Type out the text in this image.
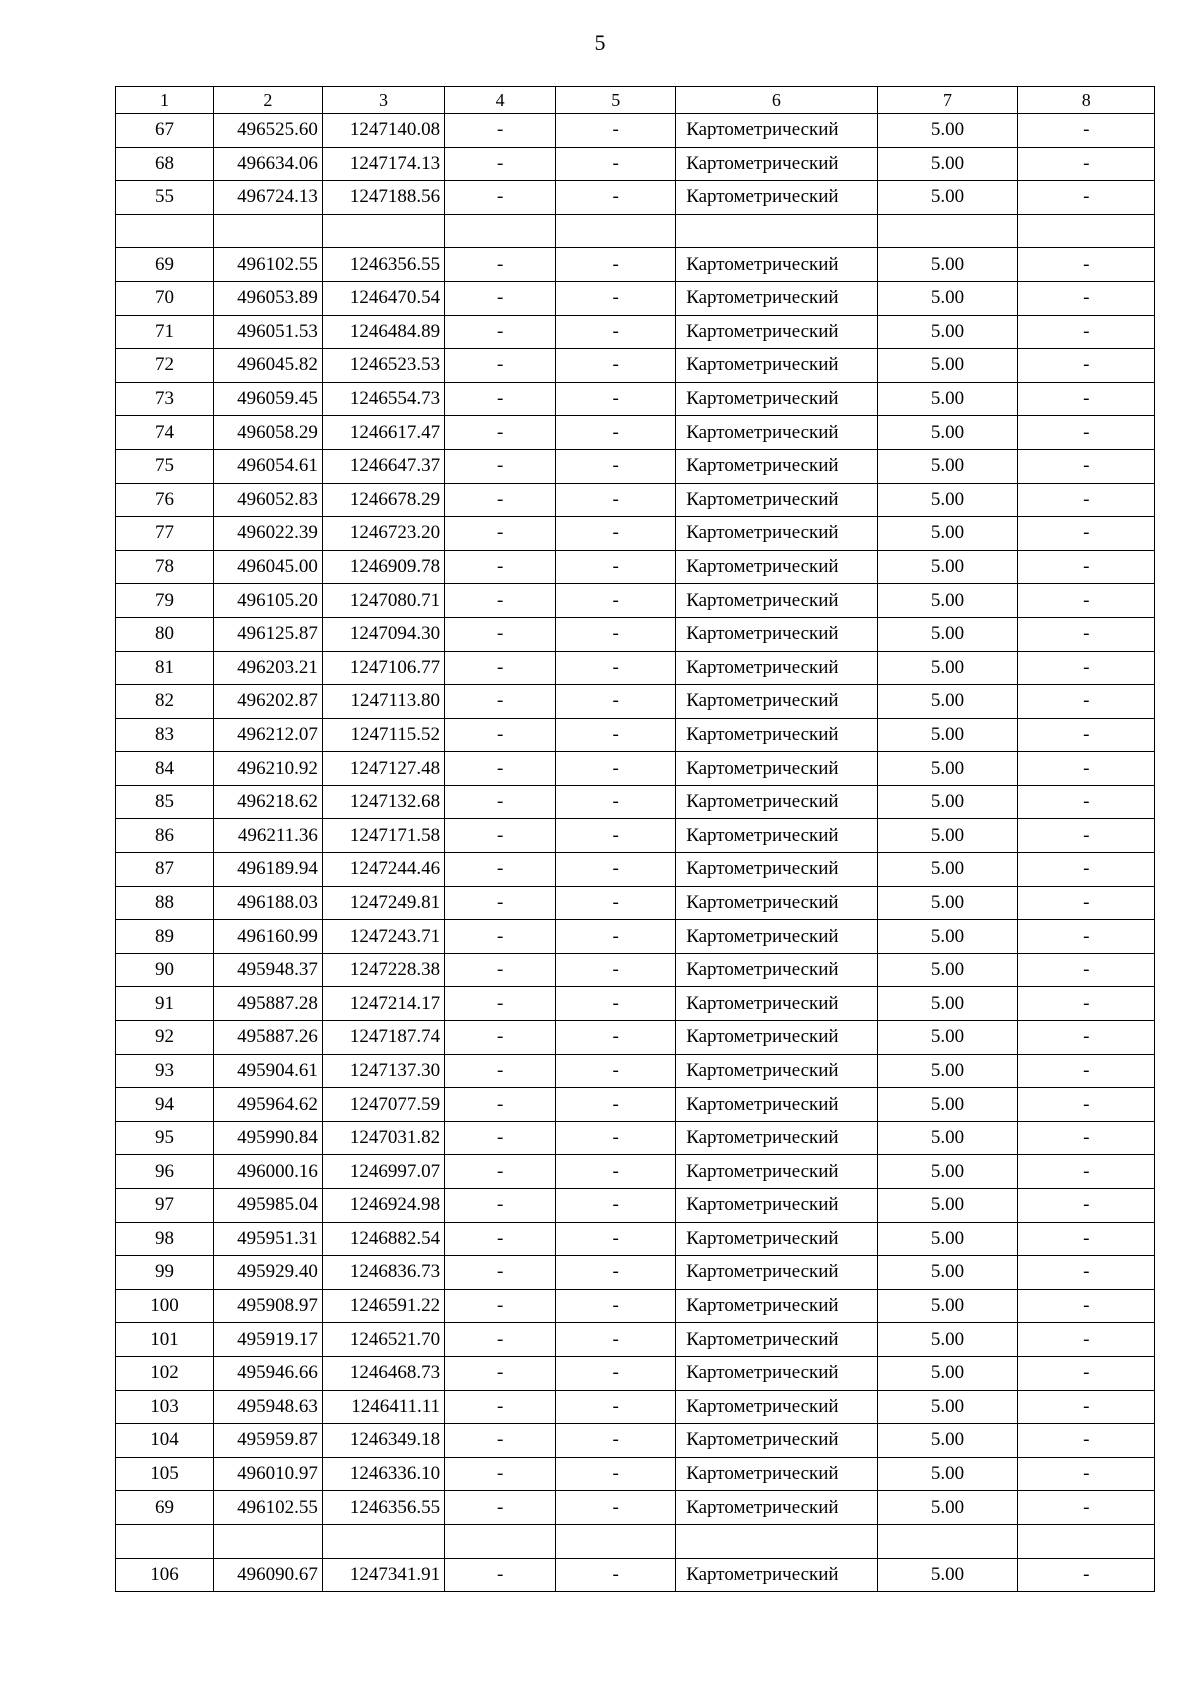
5
1	2	3	4	5	6	7	8
67	496525.60	1247140.08	-	-	Картометрический	5.00	-
68	496634.06	1247174.13	-	-	Картометрический	5.00	-
55	496724.13	1247188.56	-	-	Картометрический	5.00	-

69	496102.55	1246356.55	-	-	Картометрический	5.00	-
70	496053.89	1246470.54	-	-	Картометрический	5.00	-
71	496051.53	1246484.89	-	-	Картометрический	5.00	-
72	496045.82	1246523.53	-	-	Картометрический	5.00	-
73	496059.45	1246554.73	-	-	Картометрический	5.00	-
74	496058.29	1246617.47	-	-	Картометрический	5.00	-
75	496054.61	1246647.37	-	-	Картометрический	5.00	-
76	496052.83	1246678.29	-	-	Картометрический	5.00	-
77	496022.39	1246723.20	-	-	Картометрический	5.00	-
78	496045.00	1246909.78	-	-	Картометрический	5.00	-
79	496105.20	1247080.71	-	-	Картометрический	5.00	-
80	496125.87	1247094.30	-	-	Картометрический	5.00	-
81	496203.21	1247106.77	-	-	Картометрический	5.00	-
82	496202.87	1247113.80	-	-	Картометрический	5.00	-
83	496212.07	1247115.52	-	-	Картометрический	5.00	-
84	496210.92	1247127.48	-	-	Картометрический	5.00	-
85	496218.62	1247132.68	-	-	Картометрический	5.00	-
86	496211.36	1247171.58	-	-	Картометрический	5.00	-
87	496189.94	1247244.46	-	-	Картометрический	5.00	-
88	496188.03	1247249.81	-	-	Картометрический	5.00	-
89	496160.99	1247243.71	-	-	Картометрический	5.00	-
90	495948.37	1247228.38	-	-	Картометрический	5.00	-
91	495887.28	1247214.17	-	-	Картометрический	5.00	-
92	495887.26	1247187.74	-	-	Картометрический	5.00	-
93	495904.61	1247137.30	-	-	Картометрический	5.00	-
94	495964.62	1247077.59	-	-	Картометрический	5.00	-
95	495990.84	1247031.82	-	-	Картометрический	5.00	-
96	496000.16	1246997.07	-	-	Картометрический	5.00	-
97	495985.04	1246924.98	-	-	Картометрический	5.00	-
98	495951.31	1246882.54	-	-	Картометрический	5.00	-
99	495929.40	1246836.73	-	-	Картометрический	5.00	-
100	495908.97	1246591.22	-	-	Картометрический	5.00	-
101	495919.17	1246521.70	-	-	Картометрический	5.00	-
102	495946.66	1246468.73	-	-	Картометрический	5.00	-
103	495948.63	1246411.11	-	-	Картометрический	5.00	-
104	495959.87	1246349.18	-	-	Картометрический	5.00	-
105	496010.97	1246336.10	-	-	Картометрический	5.00	-
69	496102.55	1246356.55	-	-	Картометрический	5.00	-

106	496090.67	1247341.91	-	-	Картометрический	5.00	-
